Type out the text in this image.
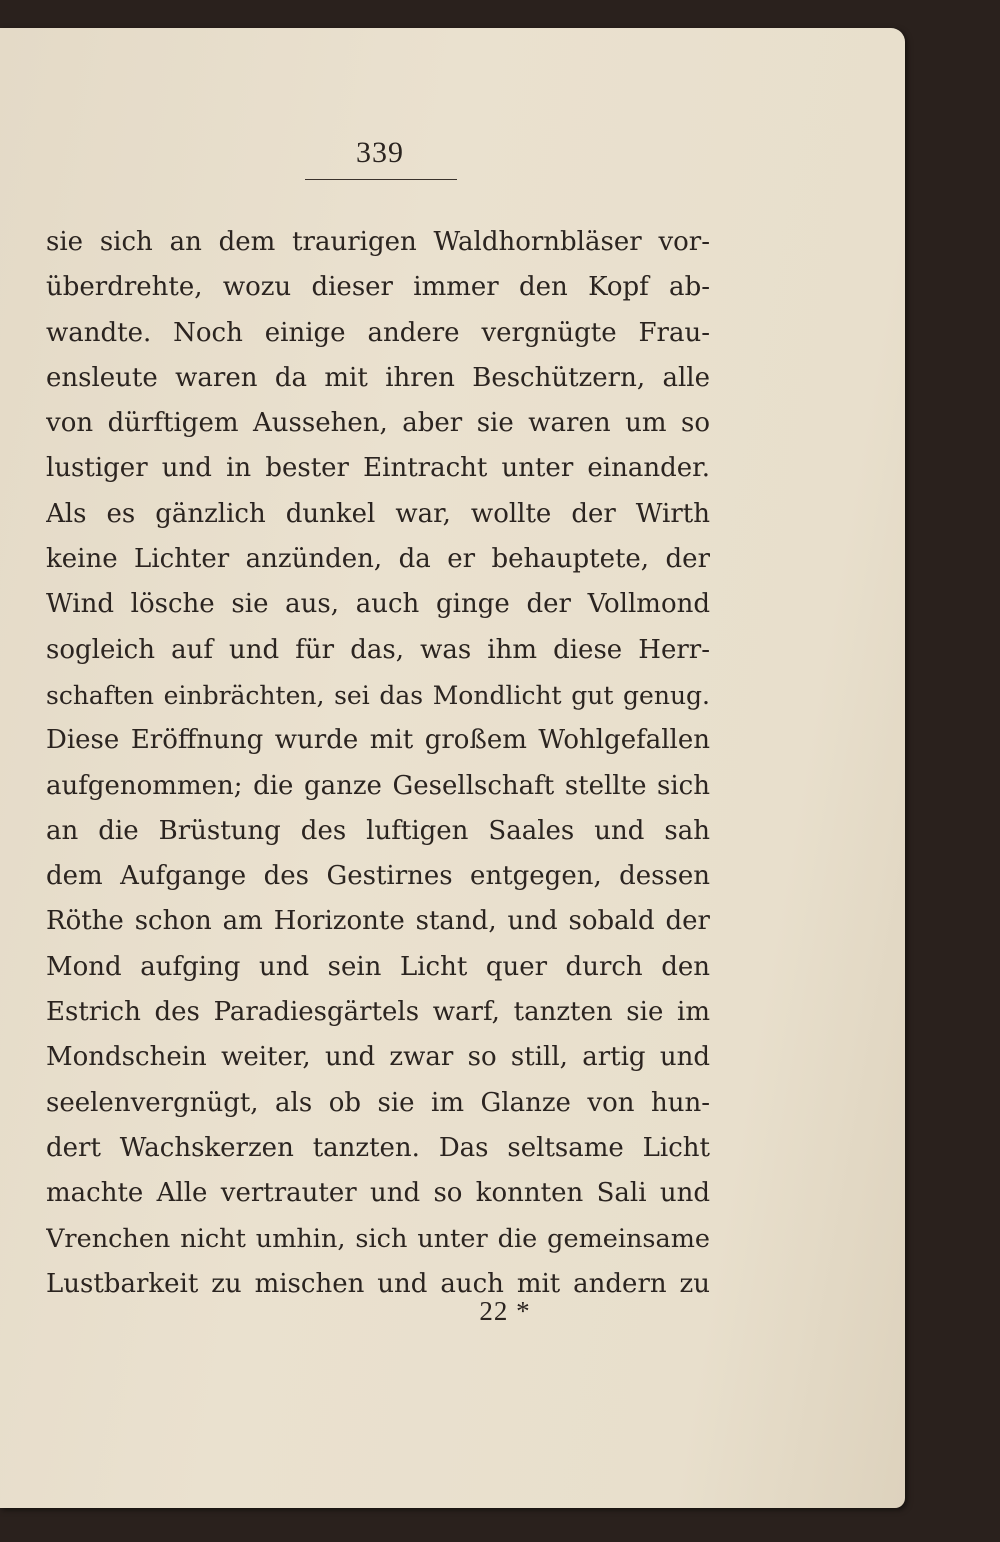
339
sie sich an dem traurigen Waldhornbläser vor-
überdrehte, wozu dieser immer den Kopf ab-
wandte. Noch einige andere vergnügte Frau-
ensleute waren da mit ihren Beschützern, alle
von dürftigem Aussehen, aber sie waren um so
lustiger und in bester Eintracht unter einander.
Als es gänzlich dunkel war, wollte der Wirth
keine Lichter anzünden, da er behauptete, der
Wind lösche sie aus, auch ginge der Vollmond
sogleich auf und für das, was ihm diese Herr-
schaften einbrächten, sei das Mondlicht gut genug.
Diese Eröffnung wurde mit großem Wohlgefallen
aufgenommen; die ganze Gesellschaft stellte sich
an die Brüstung des luftigen Saales und sah
dem Aufgange des Gestirnes entgegen, dessen
Röthe schon am Horizonte stand, und sobald der
Mond aufging und sein Licht quer durch den
Estrich des Paradiesgärtels warf, tanzten sie im
Mondschein weiter, und zwar so still, artig und
seelenvergnügt, als ob sie im Glanze von hun-
dert Wachskerzen tanzten. Das seltsame Licht
machte Alle vertrauter und so konnten Sali und
Vrenchen nicht umhin, sich unter die gemeinsame
Lustbarkeit zu mischen und auch mit andern zu
22 *
